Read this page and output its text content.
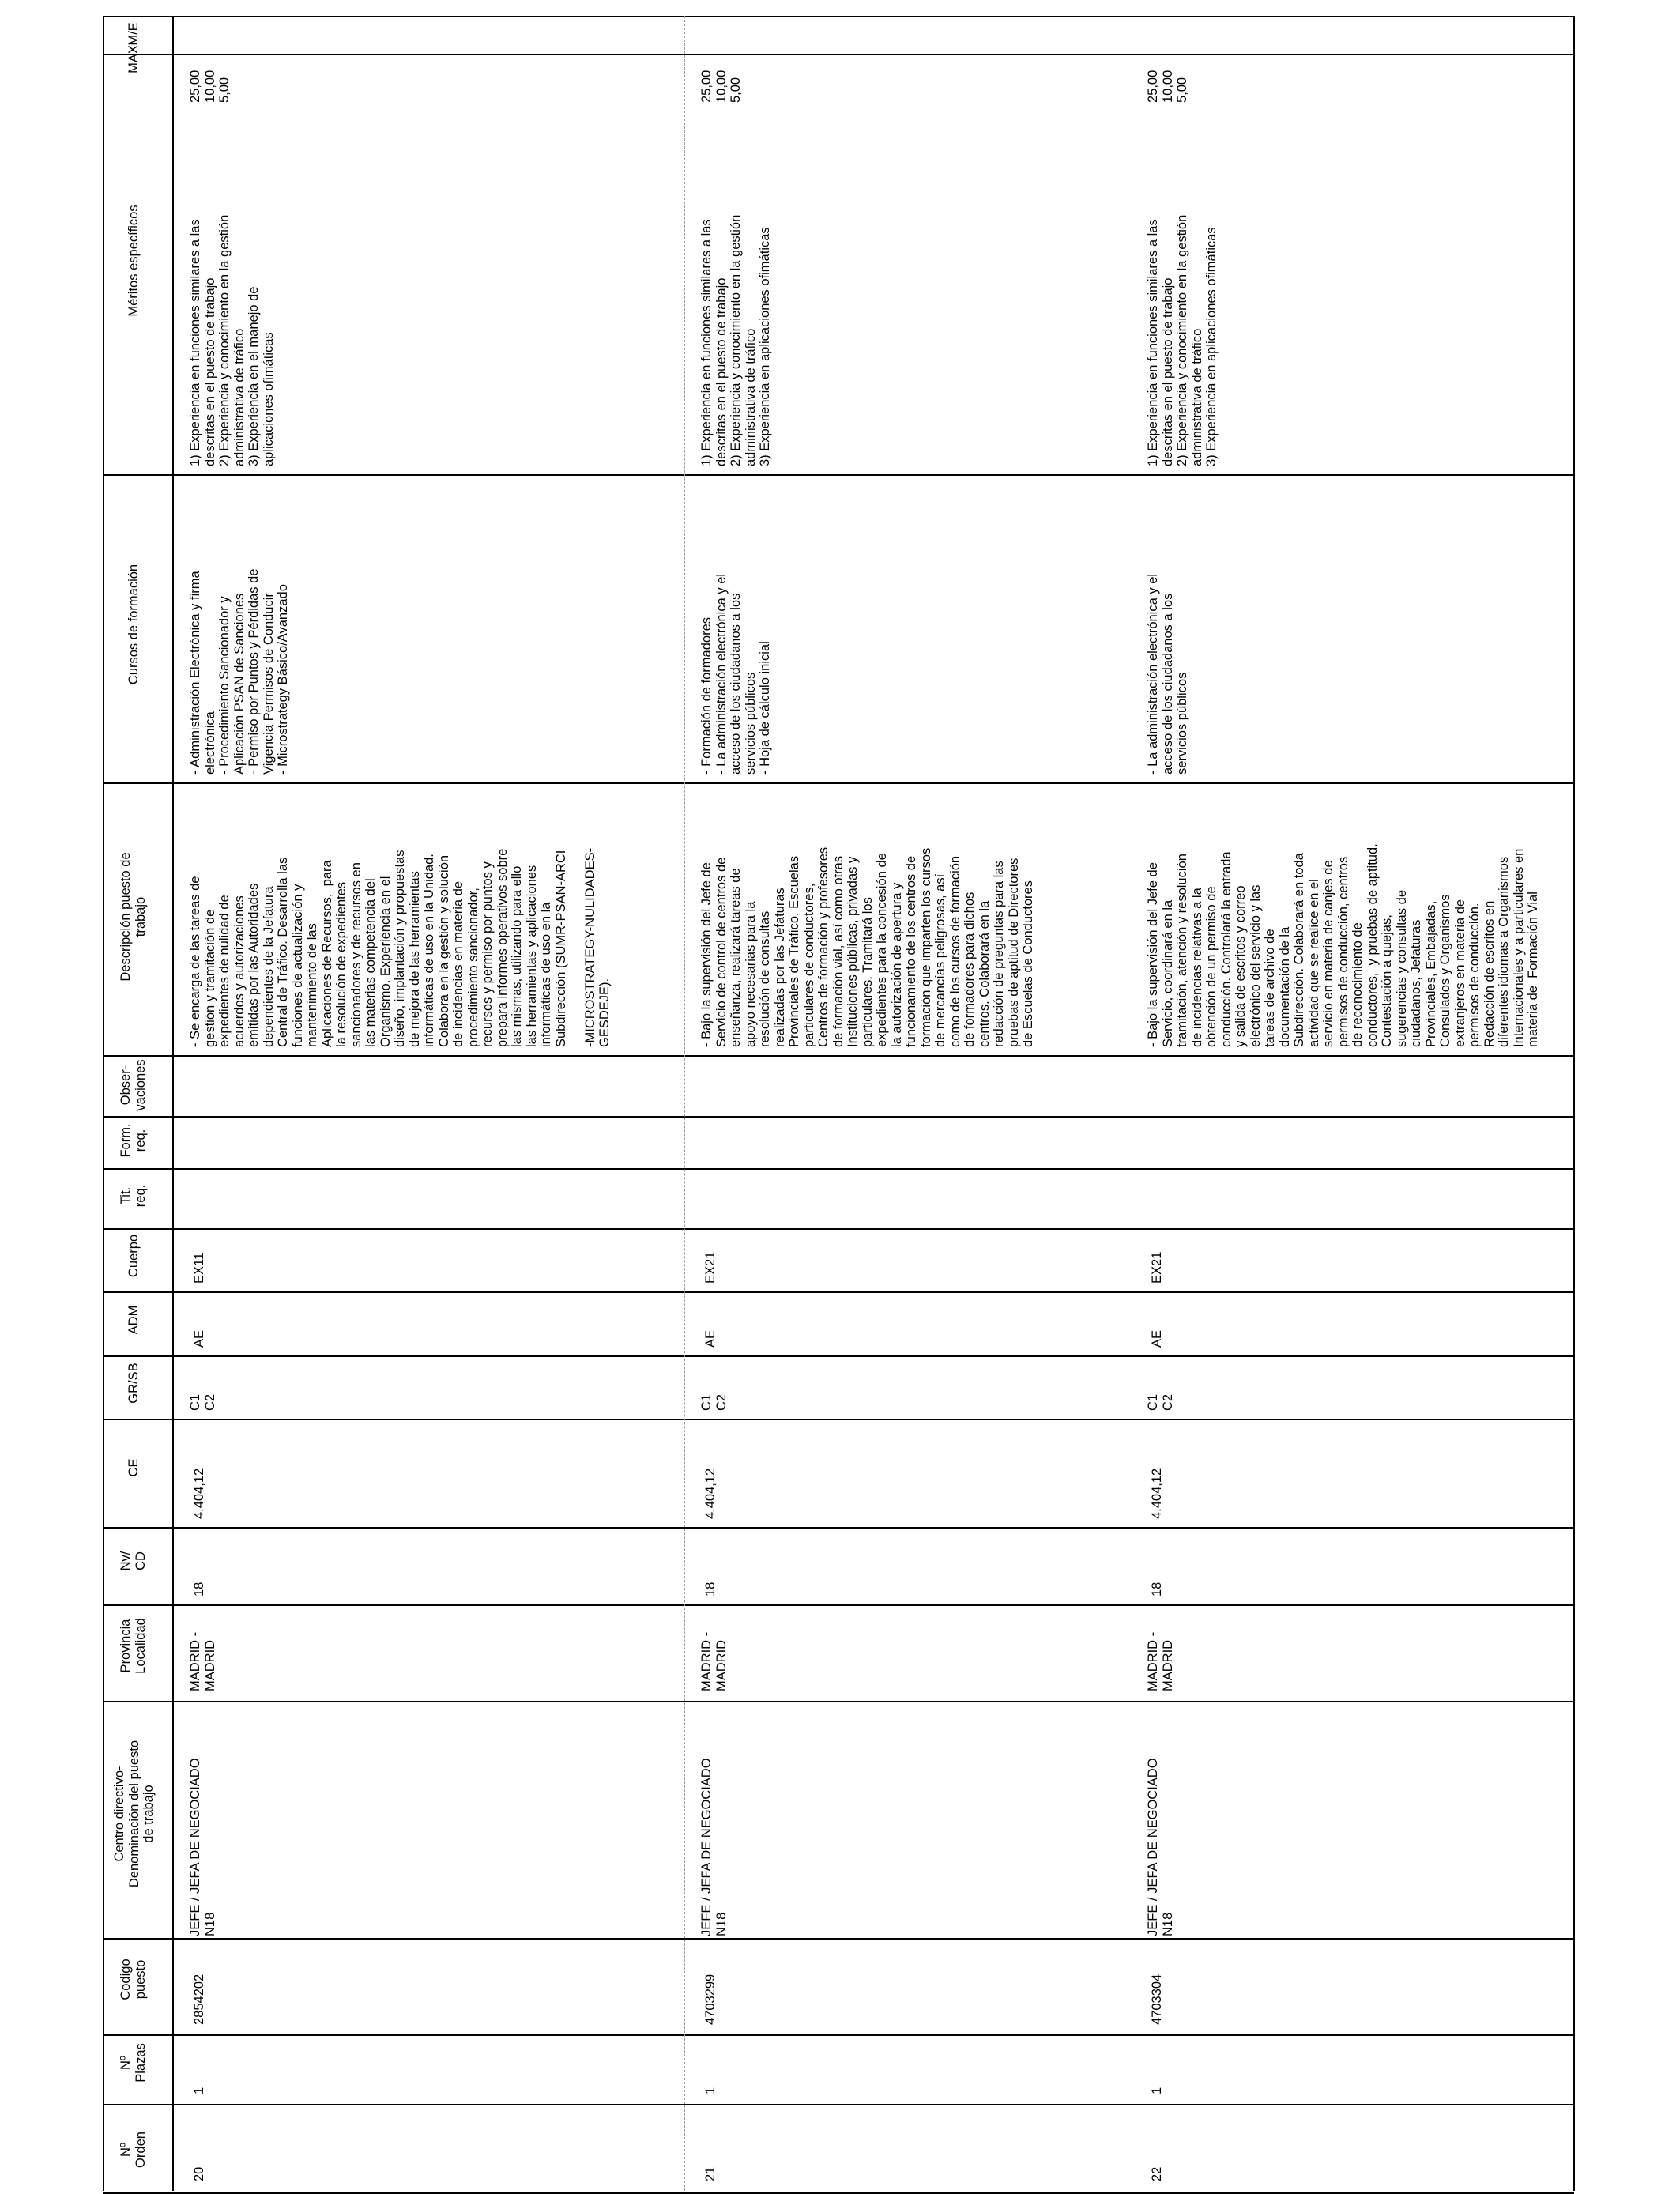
Nº
Orden
Nº
Plazas
Codigo
puesto
Centro directivo-
Denominación del puesto
de trabajo
Provincia
Localidad
Nv/
CD
CE
GR/SB
ADM
Cuerpo
Tit.
req.
Form.
req.
Obser-
vaciones
Descripción puesto de
trabajo
Cursos de formación
Méritos específicos
MAX
M/E
20
1
2854202
JEFE / JEFA DE NEGOCIADO
N18
MADRID -
MADRID
18
4.404,12
C1
C2
AE
EX11
- Se encarga de las tareas de
gestión y tramitación de
expedientes de nulidad de
acuerdos y autorizaciones
emitidas por las Autoridades
dependientes de la Jefatura
Central de Tráfico. Desarrolla las
funciones de actualización y
mantenimiento de las
Aplicaciones de Recursos,  para
la resolución de expedientes
sancionadores y de recursos en
las materias competencia del
Organismo. Experiencia en el
diseño, implantación y propuestas
de mejora de las herramientas
informáticas de uso en la Unidad.
Colabora en la gestión y solución
de incidencias en materia de
procedimiento sancionador,
recursos y permiso por puntos y
prepara informes operativos sobre
las mismas, utilizando para ello
las herramientas y aplicaciones
informáticas de uso en la
Subdirección (SUMR-PSAN-ARCI

-MICROSTRATEGY-NULIDADES-
GESDEJE).
- Administración Electrónica y firma
electrónica
- Procedimiento Sancionador y
Aplicación PSAN de Sanciones
- Permiso por Puntos y Pérdidas de
Vigencia Permisos de Conducir
- Microstrategy Básico/Avanzado
1) Experiencia en funciones similares a las
descritas en el puesto de trabajo
2) Experiencia y conocimiento en la gestión
administrativa de tráfico
3) Experiencia en el manejo de
aplicaciones ofimáticas
25,00
10,00
5,00
21
1
4703299
JEFE / JEFA DE NEGOCIADO
N18
MADRID -
MADRID
18
4.404,12
C1
C2
AE
EX21
- Bajo la supervisión del Jefe de
Servicio de control de centros de
enseñanza, realizará tareas de
apoyo necesarias para la
resolución de consultas
realizadas por las Jefaturas
Provinciales de Tráfico, Escuelas
particulares de conductores,
Centros de formación y profesores
de formación vial, así como otras
Instituciones públicas, privadas y
particulares. Tramitará los
expedientes para la concesión de
la autorización de apertura y
funcionamiento de los centros de
formación que imparten los cursos
de mercancías peligrosas, así
como de los cursos de formación
de formadores para dichos
centros. Colaborará en la
redacción de preguntas para las
pruebas de aptitud de Directores
de Escuelas de Conductores
- Formación de formadores
- La administración electrónica y el
acceso de los ciudadanos a los
servicios públicos
- Hoja de cálculo inicial
1) Experiencia en funciones similares a las
descritas en el puesto de trabajo
2) Experiencia y conocimiento en la gestión
administrativa de tráfico
3) Experiencia en aplicaciones ofimáticas
25,00
10,00
5,00
22
1
4703304
JEFE / JEFA DE NEGOCIADO
N18
MADRID -
MADRID
18
4.404,12
C1
C2
AE
EX21
- Bajo la supervisión del Jefe de
Servicio, coordinará en la
tramitación, atención y resolución
de incidencias relativas a la
obtención de un permiso de
conducción. Controlará la entrada
y salida de escritos y correo
electrónico del servicio y las
tareas de archivo de
documentación de la
Subdirección. Colaborará en toda
actividad que se realice en el
servicio en materia de canjes de
permisos de conducción, centros
de reconocimiento de
conductores,  y pruebas de aptitud.
Contestación a quejas,
sugerencias y consultas de
ciudadanos, Jefaturas
Provinciales, Embajadas,
Consulados y Organismos
extranjeros en materia de
permisos de conducción.
Redacción de escritos en
diferentes idiomas a Organismos
Internacionales y a particulares en
materia de  Formación Vial
- La administración electrónica y el
acceso de los ciudadanos a los
servicios públicos
1) Experiencia en funciones similares a las
descritas en el puesto de trabajo
2) Experiencia y conocimiento en la gestión
administrativa de tráfico
3) Experiencia en aplicaciones ofimáticas
25,00
10,00
5,00
